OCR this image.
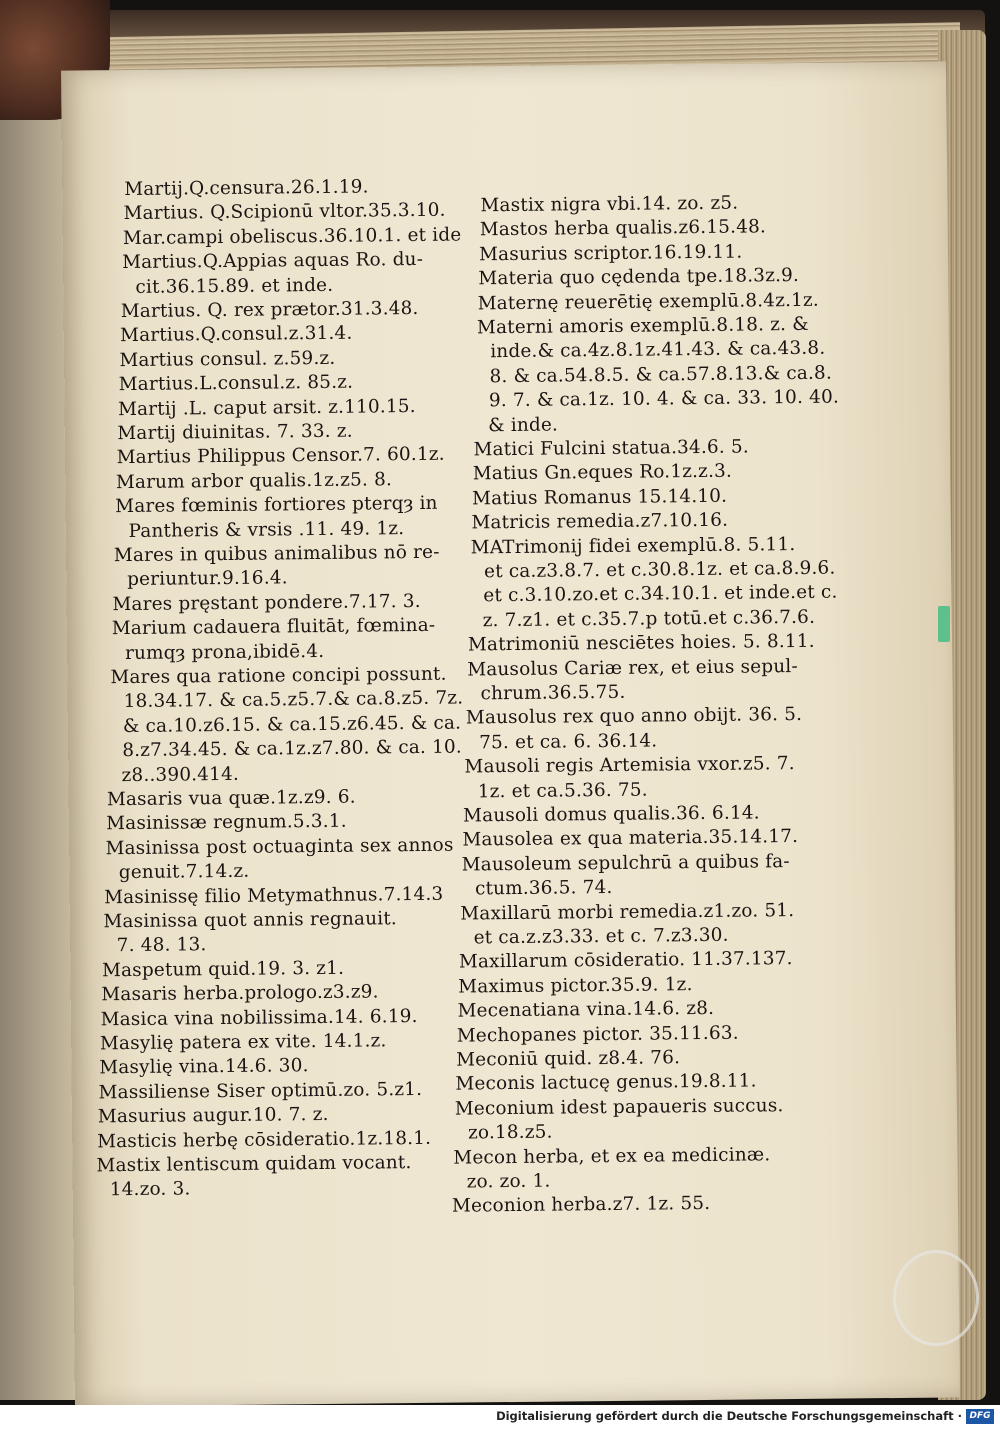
Martij.Q.censura.26.1.19.
Martius. Q.Scipionū vltor.35.3.10.
Mar.campi obeliscus.36.10.1. et ide
Martius.Q.Appias aquas Ro. du-
cit.36.15.89. et inde.
Martius. Q. rex prætor.31.3.48.
Martius.Q.consul.z.31.4.
Martius consul. z.59.z.
Martius.L.consul.z. 85.z.
Martij .L. caput arsit. z.110.15.
Martij diuinitas. 7. 33. z.
Martius Philippus Censor.7. 60.1z.
Marum arbor qualis.1z.z5. 8.
Mares fœminis fortiores pterqȝ in
Pantheris & vrsis .11. 49. 1z.
Mares in quibus animalibus nō re-
periuntur.9.16.4.
Mares pręstant pondere.7.17. 3.
Marium cadauera fluitāt, fœmina-
rumqȝ prona,ibidē.4.
Mares qua ratione concipi possunt.
18.34.17. & ca.5.z5.7.& ca.8.z5. 7z.
& ca.10.z6.15. & ca.15.z6.45. & ca.
8.z7.34.45. & ca.1z.z7.80. & ca. 10.
z8..390.414.
Masaris vua quæ.1z.z9. 6.
Masinissæ regnum.5.3.1.
Masinissa post octuaginta sex annos
genuit.7.14.z.
Masinissę filio Metymathnus.7.14.3
Masinissa quot annis regnauit.
7. 48. 13.
Maspetum quid.19. 3. z1.
Masaris herba.prologo.z3.z9.
Masica vina nobilissima.14. 6.19.
Masylię patera ex vite. 14.1.z.
Masylię vina.14.6. 30.
Massiliense Siser optimū.zo. 5.z1.
Masurius augur.10. 7. z.
Masticis herbę cōsideratio.1z.18.1.
Mastix lentiscum quidam vocant.
14.zo. 3.
Mastix nigra vbi.14. zo. z5.
Mastos herba qualis.z6.15.48.
Masurius scriptor.16.19.11.
Materia quo cędenda tpe.18.3z.9.
Maternę reuerētię exemplū.8.4z.1z.
Materni amoris exemplū.8.18. z. &
inde.& ca.4z.8.1z.41.43. & ca.43.8.
8. & ca.54.8.5. & ca.57.8.13.& ca.8.
9. 7. & ca.1z. 10. 4. & ca. 33. 10. 40.
& inde.
Matici Fulcini statua.34.6. 5.
Matius Gn.eques Ro.1z.z.3.
Matius Romanus 15.14.10.
Matricis remedia.z7.10.16.
MATrimonij fidei exemplū.8. 5.11.
et ca.z3.8.7. et c.30.8.1z. et ca.8.9.6.
et c.3.10.zo.et c.34.10.1. et inde.et c.
z. 7.z1. et c.35.7.p totū.et c.36.7.6.
Matrimoniū nesciētes hoies. 5. 8.11.
Mausolus Cariæ rex, et eius sepul-
chrum.36.5.75.
Mausolus rex quo anno obijt. 36. 5.
75. et ca. 6. 36.14.
Mausoli regis Artemisia vxor.z5. 7.
1z. et ca.5.36. 75.
Mausoli domus qualis.36. 6.14.
Mausolea ex qua materia.35.14.17.
Mausoleum sepulchrū a quibus fa-
ctum.36.5. 74.
Maxillarū morbi remedia.z1.zo. 51.
et ca.z.z3.33. et c. 7.z3.30.
Maxillarum cōsideratio. 11.37.137.
Maximus pictor.35.9. 1z.
Mecenatiana vina.14.6. z8.
Mechopanes pictor. 35.11.63.
Meconiū quid. z8.4. 76.
Meconis lactucę genus.19.8.11.
Meconium idest papaueris succus.
zo.18.z5.
Mecon herba, et ex ea medicinæ.
zo. zo. 1.
Meconion herba.z7. 1z. 55.
Digitalisierung gefördert durch die Deutsche Forschungsgemeinschaft · DFG
